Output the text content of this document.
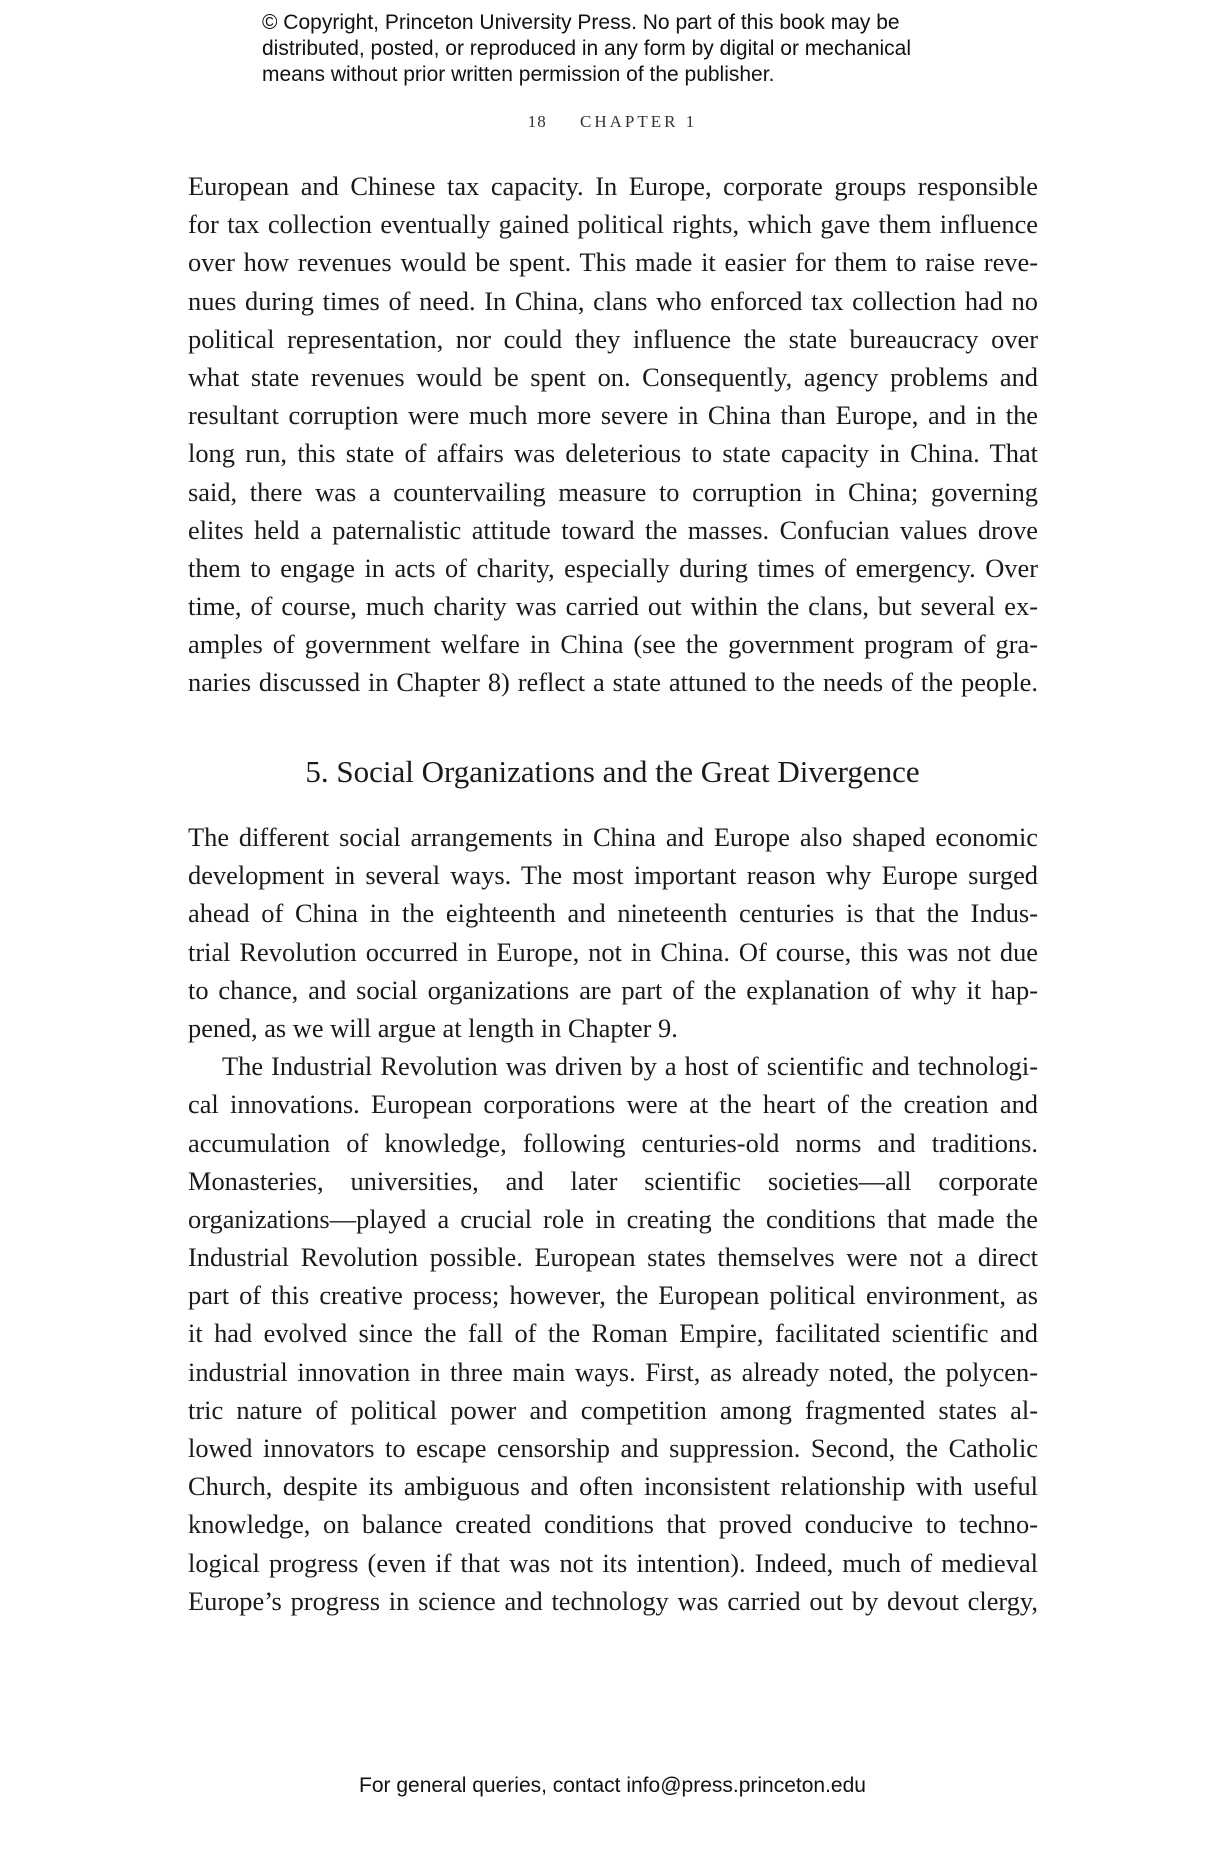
© Copyright, Princeton University Press. No part of this book may be
distributed, posted, or reproduced in any form by digital or mechanical
means without prior written permission of the publisher.
18 CHAPTER 1
European and Chinese tax capacity. In Europe, corporate groups responsible
for tax collection eventually gained political rights, which gave them influence
over how revenues would be spent. This made it easier for them to raise reve-
nues during times of need. In China, clans who enforced tax collection had no
political representation, nor could they influence the state bureaucracy over
what state revenues would be spent on. Consequently, agency problems and
resultant corruption were much more severe in China than Europe, and in the
long run, this state of affairs was deleterious to state capacity in China. That
said, there was a countervailing measure to corruption in China; governing
elites held a paternalistic attitude toward the masses. Confucian values drove
them to engage in acts of charity, especially during times of emergency. Over
time, of course, much charity was carried out within the clans, but several ex-
amples of government welfare in China (see the government program of gra-
naries discussed in Chapter 8) reflect a state attuned to the needs of the people.
5. Social Organizations and the Great Divergence
The different social arrangements in China and Europe also shaped economic
development in several ways. The most important reason why Europe surged
ahead of China in the eighteenth and nineteenth centuries is that the Indus-
trial Revolution occurred in Europe, not in China. Of course, this was not due
to chance, and social organizations are part of the explanation of why it hap-
pened, as we will argue at length in Chapter 9.
The Industrial Revolution was driven by a host of scientific and technologi-
cal innovations. European corporations were at the heart of the creation and
accumulation of knowledge, following centuries-old norms and traditions.
Monasteries, universities, and later scientific societies—all corporate
organizations—played a crucial role in creating the conditions that made the
Industrial Revolution possible. European states themselves were not a direct
part of this creative process; however, the European political environment, as
it had evolved since the fall of the Roman Empire, facilitated scientific and
industrial innovation in three main ways. First, as already noted, the polycen-
tric nature of political power and competition among fragmented states al-
lowed innovators to escape censorship and suppression. Second, the Catholic
Church, despite its ambiguous and often inconsistent relationship with useful
knowledge, on balance created conditions that proved conducive to techno-
logical progress (even if that was not its intention). Indeed, much of medieval
Europe’s progress in science and technology was carried out by devout clergy,
For general queries, contact info@press.princeton.edu
